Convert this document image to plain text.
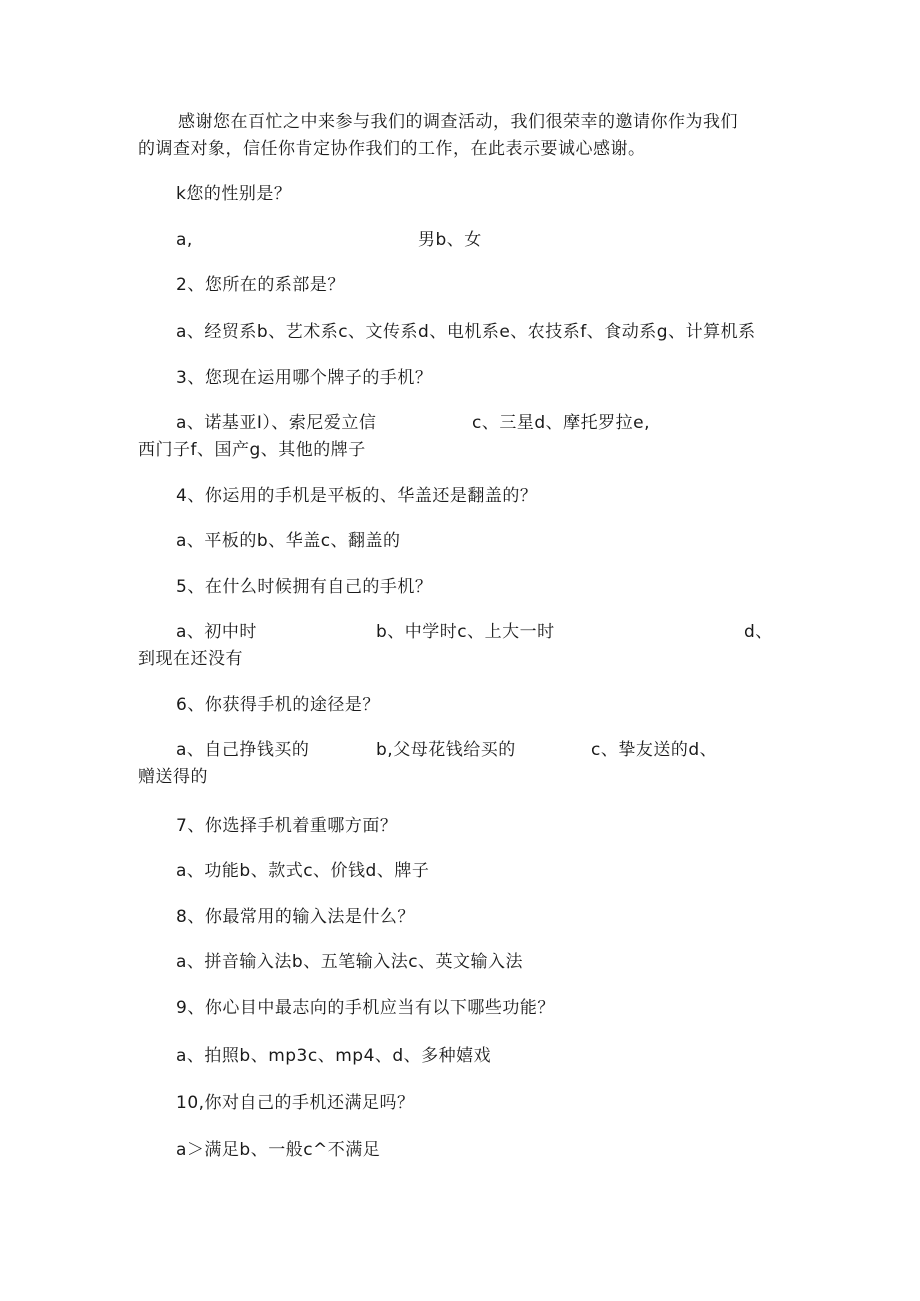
感谢您在百忙之中来参与我们的调查活动，我们很荣幸的邀请你作为我们
的调查对象，信任你肯定协作我们的工作，在此表示要诚心感谢。
k您的性别是？
a,	男b、女
2、您所在的系部是？
a、经贸系b、艺术系c、文传系d、电机系e、农技系f、食动系g、计算机系
3、您现在运用哪个牌子的手机？
a、诺基亚I）、索尼爱立信	c、三星d、摩托罗拉e,
西门子f、国产g、其他的牌子
4、你运用的手机是平板的、华盖还是翻盖的？
a、平板的b、华盖c、翻盖的
5、在什么时候拥有自己的手机？
a、初中时	b、中学时c、上大一时	d、
到现在还没有
6、你获得手机的途径是？
a、自己挣钱买的	b,父母花钱给买的	c、挚友送的d、
赠送得的
7、你选择手机着重哪方面？
a、功能b、款式c、价钱d、牌子
8、你最常用的输入法是什么？
a、拼音输入法b、五笔输入法c、英文输入法
9、你心目中最志向的手机应当有以下哪些功能？
a、拍照b、mp3c、mp4、d、多种嬉戏
10,你对自己的手机还满足吗？
a＞满足b、一般c^不满足
